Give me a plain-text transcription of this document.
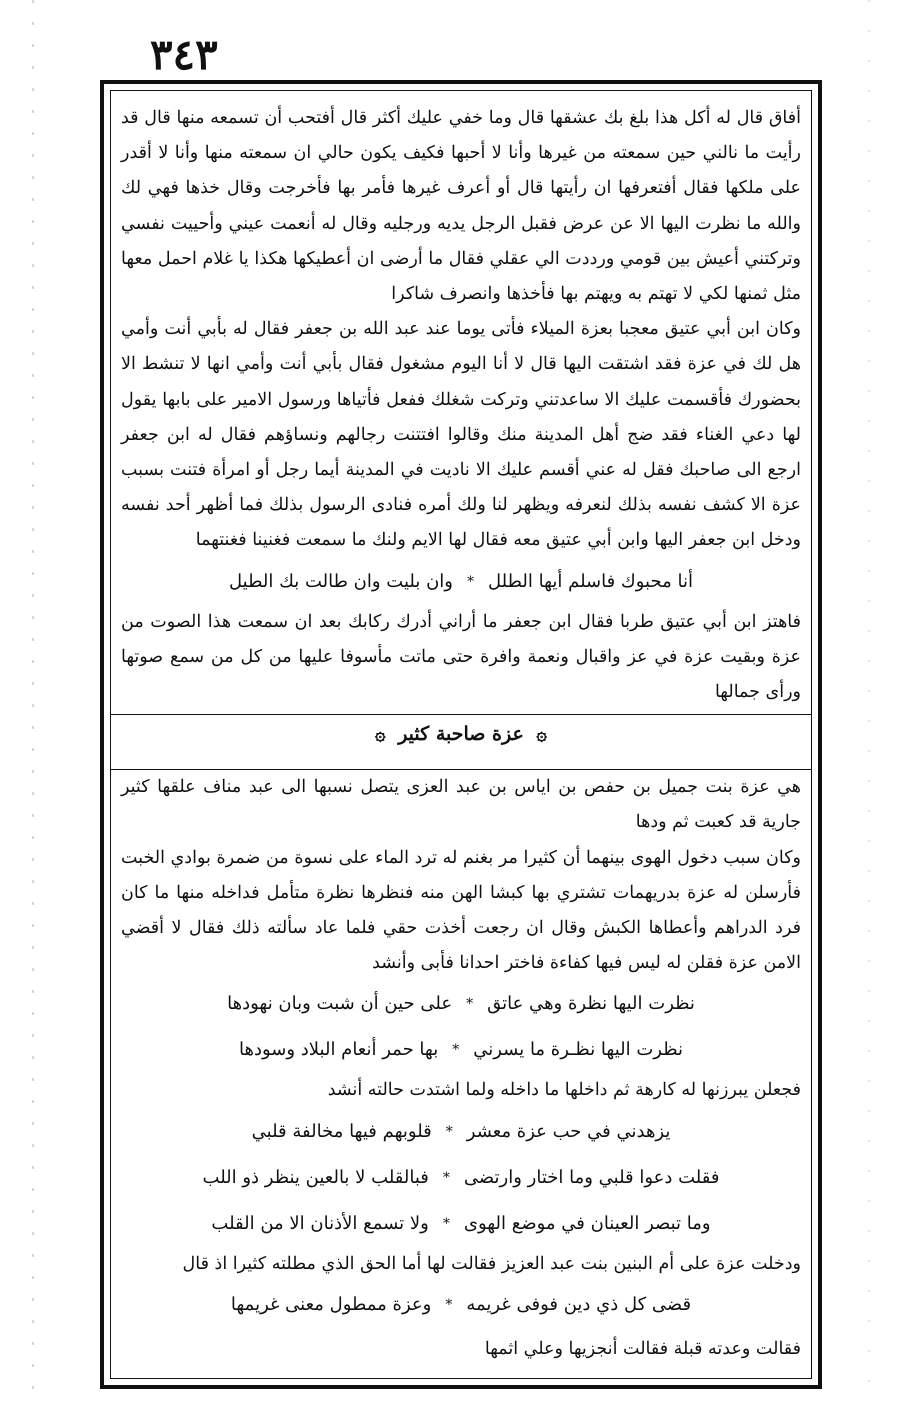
٣٤٣

أفاق قال له أكل هذا بلغ بك عشقها قال وما خفي عليك أكثر قال أفتحب أن تسمعه منها قال قد رأيت ما نالني حين سمعته من غيرها وأنا لا أحبها فكيف يكون حالي ان سمعته منها وأنا لا أقدر على ملكها فقال أفتعرفها ان رأيتها قال أو أعرف غيرها فأمر بها فأخرجت وقال خذها فهي لك والله ما نظرت اليها الا عن عرض فقبل الرجل يديه ورجليه وقال له أنعمت عيني وأحييت نفسي وتركتني أعيش بين قومي ورددت الي عقلي فقال ما أرضى ان أعطيكها هكذا يا غلام احمل معها مثل ثمنها لكي لا تهتم به ويهتم بها فأخذها وانصرف شاكرا

وكان ابن أبي عتيق معجبا بعزة الميلاء فأتى يوما عند عبد الله بن جعفر فقال له بأبي أنت وأمي هل لك في عزة فقد اشتقت اليها قال لا أنا اليوم مشغول فقال بأبي أنت وأمي انها لا تنشط الا بحضورك فأقسمت عليك الا ساعدتني وتركت شغلك ففعل فأتياها ورسول الامير على بابها يقول لها دعي الغناء فقد ضج أهل المدينة منك وقالوا افتتنت رجالهم ونساؤهم فقال له ابن جعفر ارجع الى صاحبك فقل له عني أقسم عليك الا ناديت في المدينة أيما رجل أو امرأة فتنت بسبب عزة الا كشف نفسه بذلك لنعرفه ويظهر لنا ولك أمره فنادى الرسول بذلك فما أظهر أحد نفسه ودخل ابن جعفر اليها وابن أبي عتيق معه فقال لها الايم ولنك ما سمعت فغنينا فغنتهما

أنا محبوك فاسلم أيها الطلل
*
وان بليت وان طالت بك الطيل

فاهتز ابن أبي عتيق طربا فقال ابن جعفر ما أراني أدرك ركابك بعد ان سمعت هذا الصوت من عزة وبقيت عزة في عز واقبال ونعمة وافرة حتى ماتت مأسوفا عليها من كل من سمع صوتها ورأى جمالها

۞ عزة صاحبة كثير ۞

هي عزة بنت جميل بن حفص بن اياس بن عبد العزى يتصل نسبها الى عبد مناف علقها كثير جارية قد كعبت ثم ودها

وكان سبب دخول الهوى بينهما أن كثيرا مر بغنم له ترد الماء على نسوة من ضمرة بوادي الخبت فأرسلن له عزة بدريهمات تشتري بها كبشا الهن منه فنظرها نظرة متأمل فداخله منها ما كان فرد الدراهم وأعطاها الكبش وقال ان رجعت أخذت حقي فلما عاد سألته ذلك فقال لا أقضي الامن عزة فقلن له ليس فيها كفاءة فاختر احدانا فأبى وأنشد

نظرت اليها نظرة وهي عاتق
*
على حين أن شبت وبان نهودها
نظرت اليها نظـرة ما يسرني
*
بها حمر أنعام البلاد وسودها

فجعلن يبرزنها له كارهة ثم داخلها ما داخله ولما اشتدت حالته أنشد

يزهدني في حب عزة معشر
*
قلوبهم فيها مخالفة قلبي
فقلت دعوا قلبي وما اختار وارتضى
*
فبالقلب لا بالعين ينظر ذو اللب
وما تبصر العينان في موضع الهوى
*
ولا تسمع الأذنان الا من القلب

ودخلت عزة على أم البنين بنت عبد العزيز فقالت لها أما الحق الذي مطلته كثيرا اذ قال

قضى كل ذي دين فوفى غريمه
*
وعزة ممطول معنى غريمها

فقالت وعدته قبلة فقالت أنجزيها وعلي اثمها
